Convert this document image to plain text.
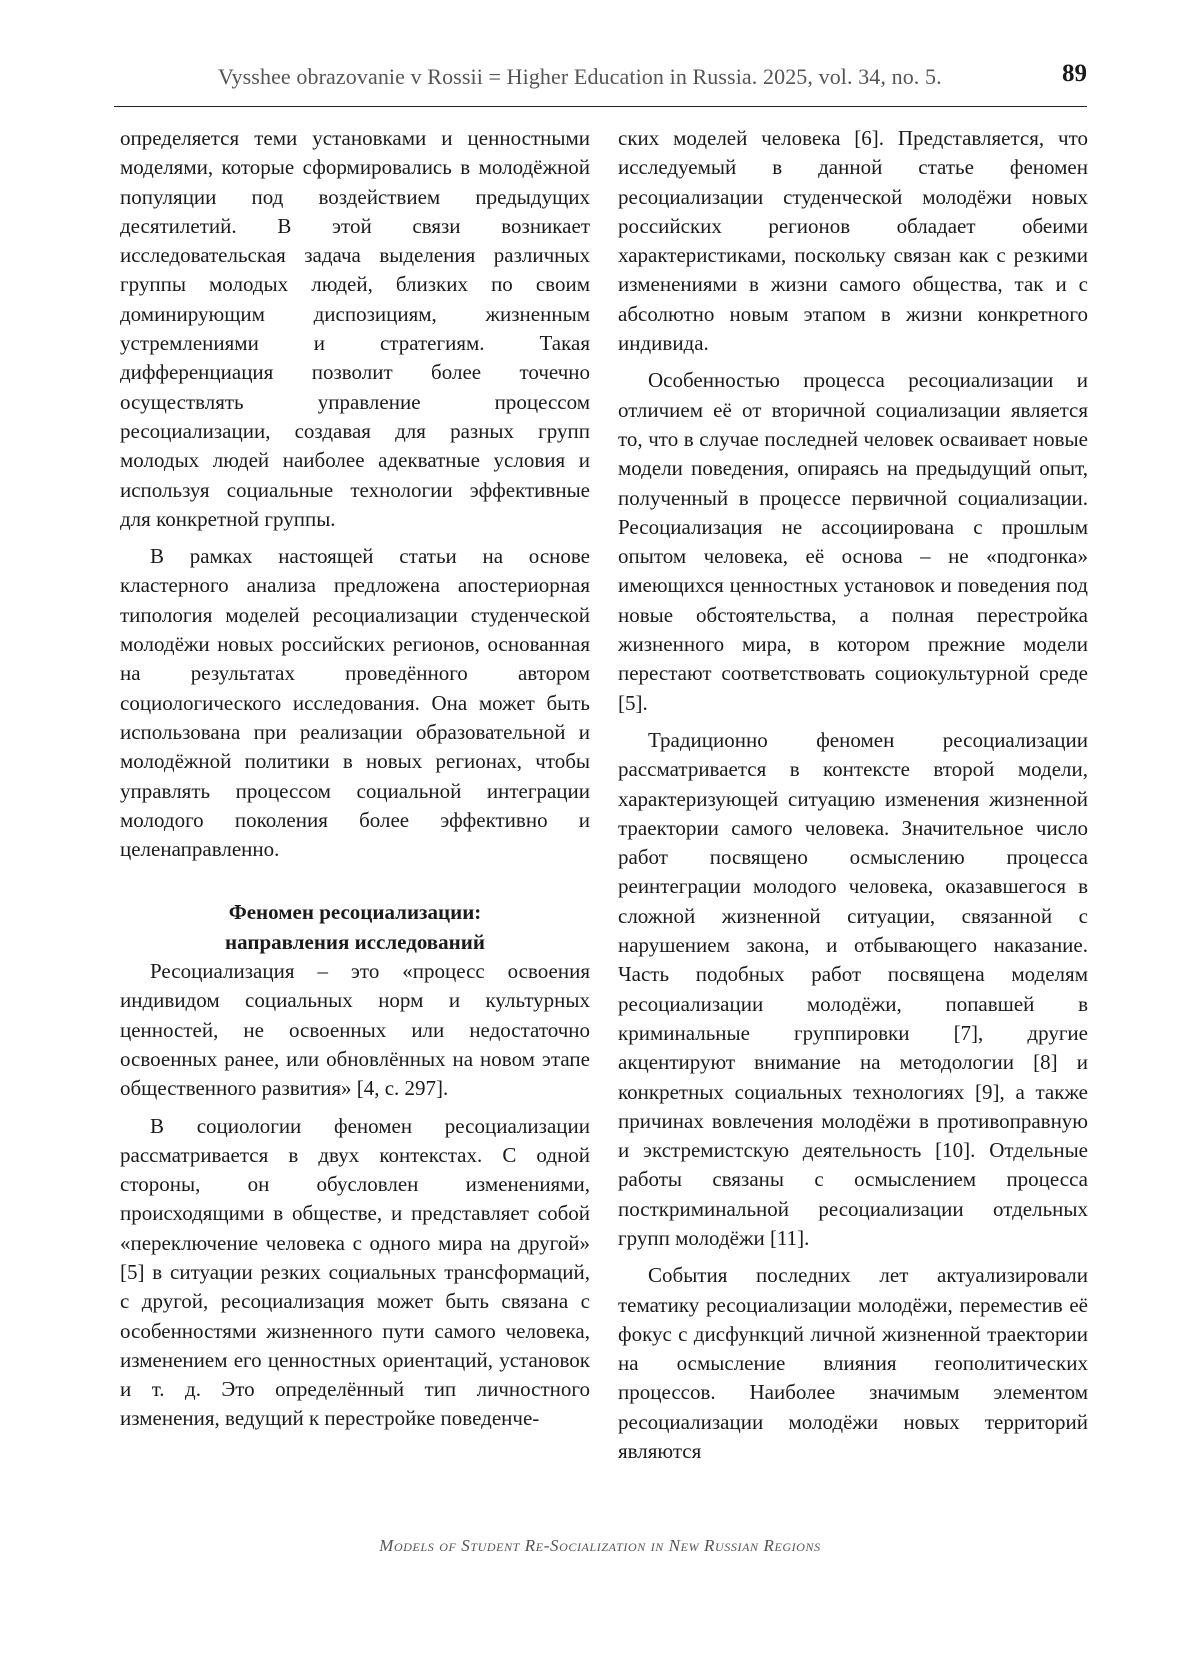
Vysshee obrazovanie v Rossii = Higher Education in Russia. 2025, vol. 34, no. 5.	89

определяется теми установками и ценностными моделями, которые сформировались в молодёжной популяции под воздействием предыдущих десятилетий. В этой связи возникает исследовательская задача выделения различных группы молодых людей, близких по своим доминирующим диспозициям, жизненным устремлениями и стратегиям. Такая дифференциация позволит более точечно осуществлять управление процессом ресоциализации, создавая для разных групп молодых людей наиболее адекватные условия и используя социальные технологии эффективные для конкретной группы.

В рамках настоящей статьи на основе кластерного анализа предложена апостериорная типология моделей ресоциализации студенческой молодёжи новых российских регионов, основанная на результатах проведённого автором социологического исследования. Она может быть использована при реализации образовательной и молодёжной политики в новых регионах, чтобы управлять процессом социальной интеграции молодого поколения более эффективно и целенаправленно.

Феномен ресоциализации:
направления исследований

Ресоциализация – это «процесс освоения индивидом социальных норм и культурных ценностей, не освоенных или недостаточно освоенных ранее, или обновлённых на новом этапе общественного развития» [4, с. 297].

В социологии феномен ресоциализации рассматривается в двух контекстах. С одной стороны, он обусловлен изменениями, происходящими в обществе, и представляет собой «переключение человека с одного мира на другой» [5] в ситуации резких социальных трансформаций, с другой, ресоциализация может быть связана с особенностями жизненного пути самого человека, изменением его ценностных ориентаций, установок и т. д. Это определённый тип личностного изменения, ведущий к перестройке поведенче-

ских моделей человека [6]. Представляется, что исследуемый в данной статье феномен ресоциализации студенческой молодёжи новых российских регионов обладает обеими характеристиками, поскольку связан как с резкими изменениями в жизни самого общества, так и с абсолютно новым этапом в жизни конкретного индивида.

Особенностью процесса ресоциализации и отличием её от вторичной социализации является то, что в случае последней человек осваивает новые модели поведения, опираясь на предыдущий опыт, полученный в процессе первичной социализации. Ресоциализация не ассоциирована с прошлым опытом человека, её основа – не «подгонка» имеющихся ценностных установок и поведения под новые обстоятельства, а полная перестройка жизненного мира, в котором прежние модели перестают соответствовать социокультурной среде [5].

Традиционно феномен ресоциализации рассматривается в контексте второй модели, характеризующей ситуацию изменения жизненной траектории самого человека. Значительное число работ посвящено осмыслению процесса реинтеграции молодого человека, оказавшегося в сложной жизненной ситуации, связанной с нарушением закона, и отбывающего наказание. Часть подобных работ посвящена моделям ресоциализации молодёжи, попавшей в криминальные группировки [7], другие акцентируют внимание на методологии [8] и конкретных социальных технологиях [9], а также причинах вовлечения молодёжи в противоправную и экстремистскую деятельность [10]. Отдельные работы связаны с осмыслением процесса посткриминальной ресоциализации отдельных групп молодёжи [11].

События последних лет актуализировали тематику ресоциализации молодёжи, переместив её фокус с дисфункций личной жизненной траектории на осмысление влияния геополитических процессов. Наиболее значимым элементом ресоциализации молодёжи новых территорий являются

Models of Student Re-Socialization in New Russian Regions
